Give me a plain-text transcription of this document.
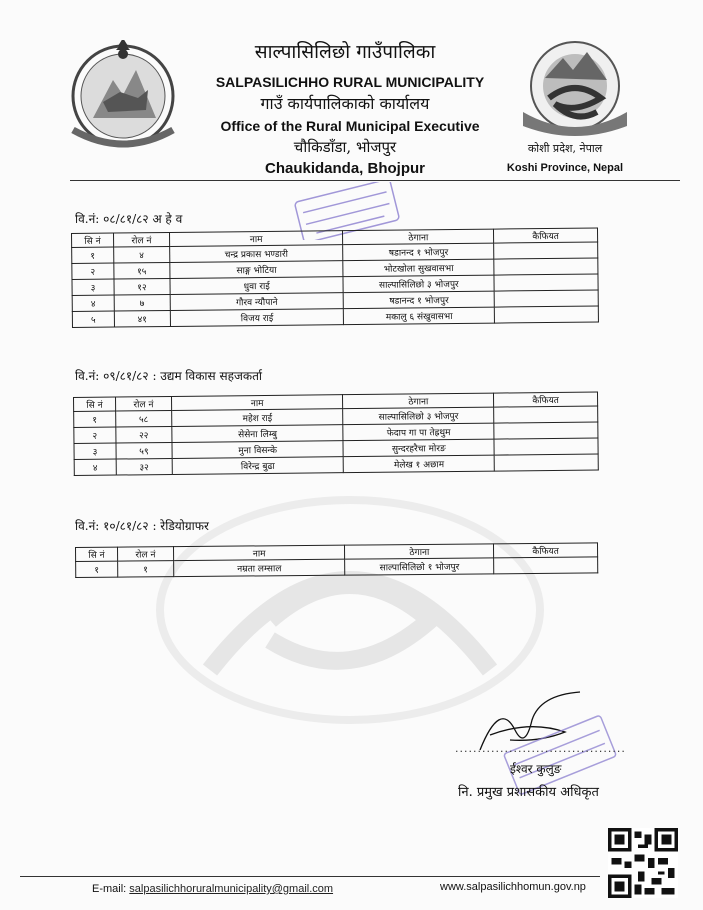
साल्पासिलिछो गाउँपालिका
SALPASILICHHO RURAL MUNICIPALITY
गाउँ कार्यपालिकाको कार्यालय
Office of the Rural Municipal Executive
चौकिडाँडा, भोजपुर
Chaukidanda, Bhojpur
कोशी प्रदेश, नेपाल
Koshi Province, Nepal
वि.नं: ०८/८१/८२ अ हे व
सि नं	रोल नं	नाम	ठेगाना	कैफियत
१	४	चन्द्र प्रकास भण्डारी	षडानन्द १ भोजपुर	
२	१५	साङ्ग भोटिया	भोटखोला सुखवासभा	
३	१२	धुवा राई	साल्पासिलिछो ३ भोजपुर	
४	७	गौरव न्यौपाने	षडानन्द १ भोजपुर	
५	४१	विजय राई	मकालु ६ संखुवासभा	
वि.नं: ०९/८१/८२ : उद्यम विकास सहजकर्ता
सि नं	रोल नं	नाम	ठेगाना	कैफियत
१	५८	महेश राई	साल्पासिलिछो ३ भोजपुर	
२	२२	सेसेना लिम्बु	फेदाप गा पा तेह्रथुम	
३	५९	मुना विसन्के	सुन्दरहरैचा मोरङ	
४	३२	विरेन्द्र बुढा	मेलेख १ अछाम	
वि.नं: १०/८१/८२ : रेडियोग्राफर
सि नं	रोल नं	नाम	ठेगाना	कैफियत
१	१	नम्रता लम्साल	साल्पासिलिछो १ भोजपुर	
......................................
ईश्वर कुलुङ
नि. प्रमुख प्रशासकीय अधिकृत
E-mail: salpasilichhoruralmunicipality@gmail.com	www.salpasilichhomun.gov.np
